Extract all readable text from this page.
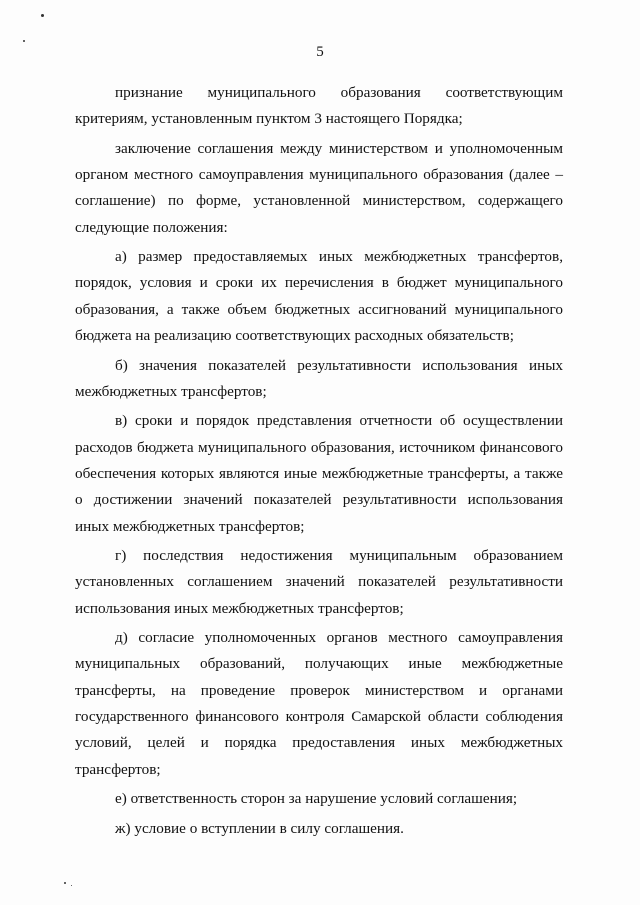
5

признание муниципального образования соответствующим критериям, установленным пунктом 3 настоящего Порядка;

заключение соглашения между министерством и уполномоченным органом местного самоуправления муниципального образования (далее – соглашение) по форме, установленной министерством, содержащего следующие положения:

а) размер предоставляемых иных межбюджетных трансфертов, порядок, условия и сроки их перечисления в бюджет муниципального образования, а также объем бюджетных ассигнований муниципального бюджета на реализацию соответствующих расходных обязательств;

б) значения показателей результативности использования иных межбюджетных трансфертов;

в) сроки и порядок представления отчетности об осуществлении расходов бюджета муниципального образования, источником финансового обеспечения которых являются иные межбюджетные трансферты, а также о достижении значений показателей результативности использования иных межбюджетных трансфертов;

г) последствия недостижения муниципальным образованием установленных соглашением значений показателей результативности использования иных межбюджетных трансфертов;

д) согласие уполномоченных органов местного самоуправления муниципальных образований, получающих иные межбюджетные трансферты, на проведение проверок министерством и органами государственного финансового контроля Самарской области соблюдения условий, целей и порядка предоставления иных межбюджетных трансфертов;

е) ответственность сторон за нарушение условий соглашения;

ж) условие о вступлении в силу соглашения.
